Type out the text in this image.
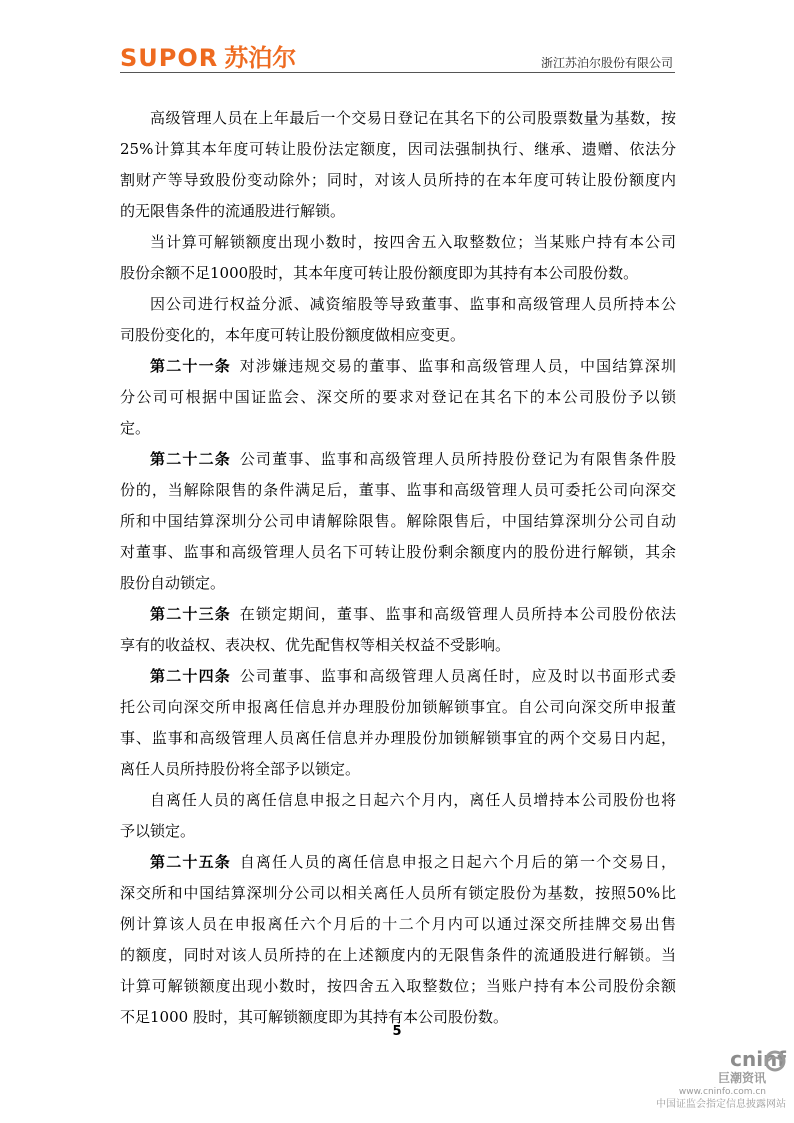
SUPOR 苏泊尔	浙江苏泊尔股份有限公司

高级管理人员在上年最后一个交易日登记在其名下的公司股票数量为基数，按
25%计算其本年度可转让股份法定额度，因司法强制执行、继承、遗赠、依法分
割财产等导致股份变动除外；同时，对该人员所持的在本年度可转让股份额度内
的无限售条件的流通股进行解锁。

当计算可解锁额度出现小数时，按四舍五入取整数位；当某账户持有本公司
股份余额不足1000股时，其本年度可转让股份额度即为其持有本公司股份数。

因公司进行权益分派、减资缩股等导致董事、监事和高级管理人员所持本公
司股份变化的，本年度可转让股份额度做相应变更。

第二十一条  对涉嫌违规交易的董事、监事和高级管理人员，中国结算深圳
分公司可根据中国证监会、深交所的要求对登记在其名下的本公司股份予以锁
定。

第二十二条  公司董事、监事和高级管理人员所持股份登记为有限售条件股
份的，当解除限售的条件满足后，董事、监事和高级管理人员可委托公司向深交
所和中国结算深圳分公司申请解除限售。解除限售后，中国结算深圳分公司自动
对董事、监事和高级管理人员名下可转让股份剩余额度内的股份进行解锁，其余
股份自动锁定。

第二十三条  在锁定期间，董事、监事和高级管理人员所持本公司股份依法
享有的收益权、表决权、优先配售权等相关权益不受影响。

第二十四条  公司董事、监事和高级管理人员离任时，应及时以书面形式委
托公司向深交所申报离任信息并办理股份加锁解锁事宜。自公司向深交所申报董
事、监事和高级管理人员离任信息并办理股份加锁解锁事宜的两个交易日内起，
离任人员所持股份将全部予以锁定。

自离任人员的离任信息申报之日起六个月内，离任人员增持本公司股份也将
予以锁定。

第二十五条  自离任人员的离任信息申报之日起六个月后的第一个交易日，
深交所和中国结算深圳分公司以相关离任人员所有锁定股份为基数，按照50%比
例计算该人员在申报离任六个月后的十二个月内可以通过深交所挂牌交易出售
的额度，同时对该人员所持的在上述额度内的无限售条件的流通股进行解锁。当
计算可解锁额度出现小数时，按四舍五入取整数位；当账户持有本公司股份余额
不足1000 股时，其可解锁额度即为其持有本公司股份数。

5
cninf
巨潮资讯
www.cninfo.com.cn
中国证监会指定信息披露网站
